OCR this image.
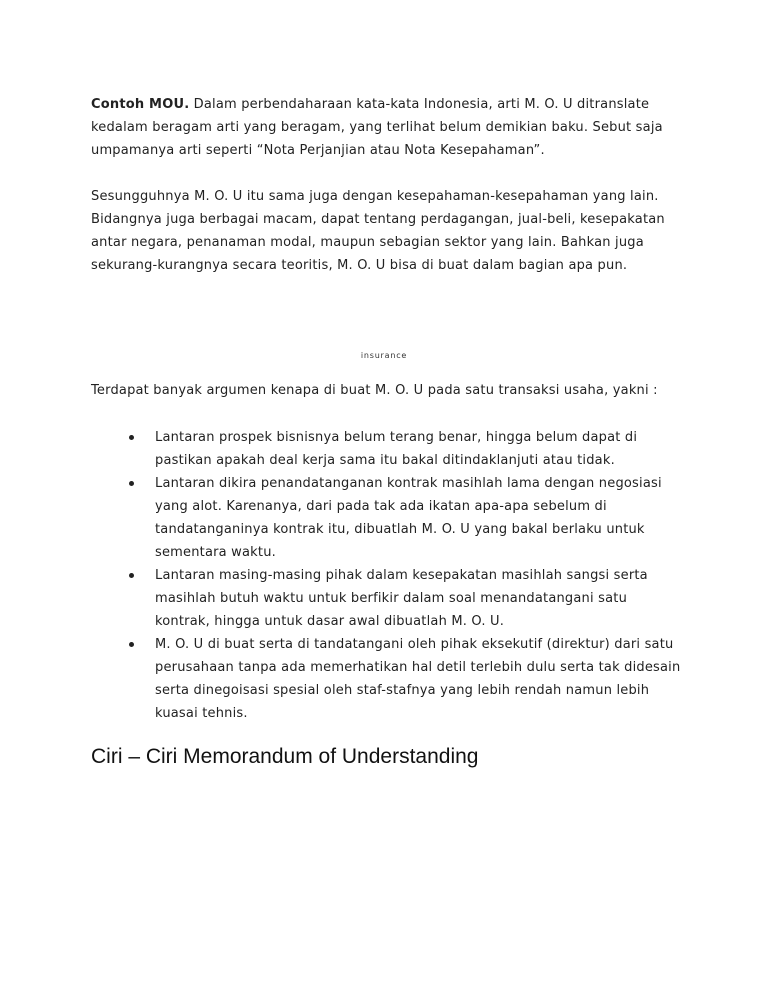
Contoh MOU. Dalam perbendaharaan kata-kata Indonesia, arti M. O. U ditranslate kedalam beragam arti yang beragam, yang terlihat belum demikian baku. Sebut saja umpamanya arti seperti “Nota Perjanjian atau Nota Kesepahaman”.

Sesungguhnya M. O. U itu sama juga dengan kesepahaman-kesepahaman yang lain. Bidangnya juga berbagai macam, dapat tentang perdagangan, jual-beli, kesepakatan antar negara, penanaman modal, maupun sebagian sektor yang lain. Bahkan juga sekurang-kurangnya secara teoritis, M. O. U bisa di buat dalam bagian apa pun.

insurance

Terdapat banyak argumen kenapa di buat M. O. U pada satu transaksi usaha, yakni :

Lantaran prospek bisnisnya belum terang benar, hingga belum dapat di pastikan apakah deal kerja sama itu bakal ditindaklanjuti atau tidak.
Lantaran dikira penandatanganan kontrak masihlah lama dengan negosiasi yang alot. Karenanya, dari pada tak ada ikatan apa-apa sebelum di tandatanganinya kontrak itu, dibuatlah M. O. U yang bakal berlaku untuk sementara waktu.
Lantaran masing-masing pihak dalam kesepakatan masihlah sangsi serta masihlah butuh waktu untuk berfikir dalam soal menandatangani satu kontrak, hingga untuk dasar awal dibuatlah M. O. U.
M. O. U di buat serta di tandatangani oleh pihak eksekutif (direktur) dari satu perusahaan tanpa ada memerhatikan hal detil terlebih dulu serta tak didesain serta dinegoisasi spesial oleh staf-stafnya yang lebih rendah namun lebih kuasai tehnis.
Ciri – Ciri Memorandum of Understanding
